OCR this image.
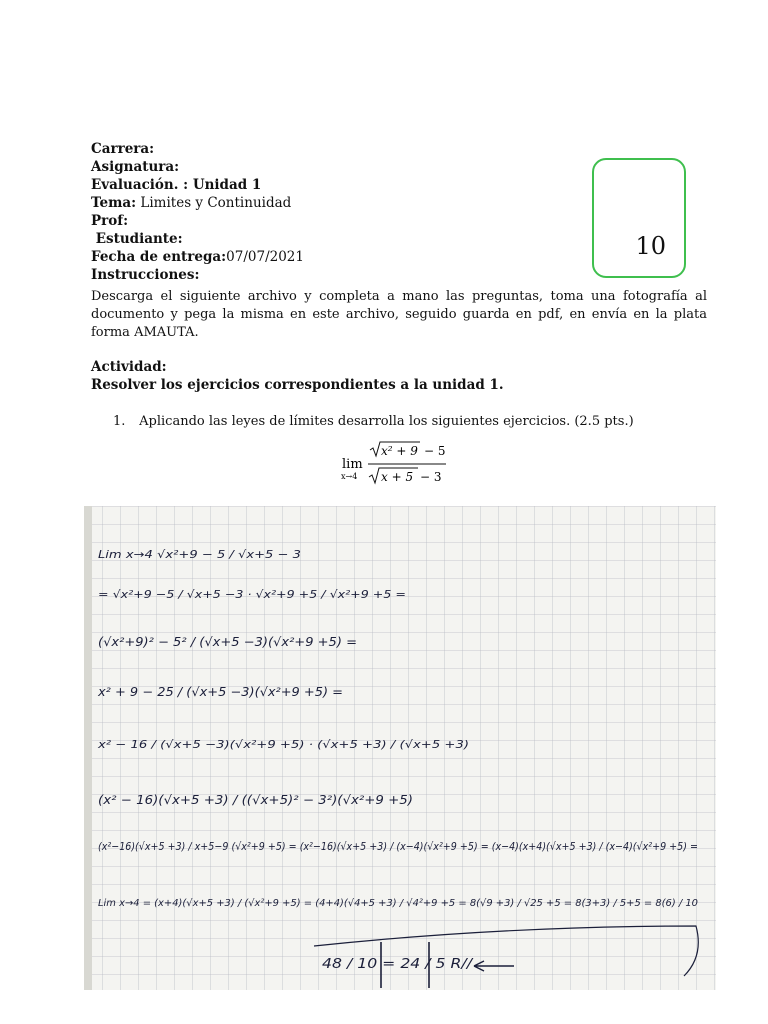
Carrera:
Asignatura:
Evaluación. : Unidad 1
Tema: Limites y Continuidad
Prof:
Estudiante:
Fecha de entrega:07/07/2021
Instrucciones:
Descarga el siguiente archivo y completa a mano las preguntas, toma una fotografía al documento y pega la misma en este archivo, seguido guarda en pdf, en envía en la plata forma AMAUTA.
Actividad:
Resolver los ejercicios correspondientes a la unidad 1.
1. Aplicando las leyes de límites desarrolla los siguientes ejercicios. (2.5 pts.)
lim
x→4
x² + 9 − 5
x + 5 − 3
10
Lim x→4 √x²+9 − 5 / √x+5 − 3
= √x²+9 −5 / √x+5 −3 · √x²+9 +5 / √x²+9 +5 =
(√x²+9)² − 5² / (√x+5 −3)(√x²+9 +5) =
x² + 9 − 25 / (√x+5 −3)(√x²+9 +5) =
x² − 16 / (√x+5 −3)(√x²+9 +5) · (√x+5 +3) / (√x+5 +3)
(x² − 16)(√x+5 +3) / ((√x+5)² − 3²)(√x²+9 +5)
(x²−16)(√x+5 +3) / x+5−9 (√x²+9 +5) = (x²−16)(√x+5 +3) / (x−4)(√x²+9 +5) = (x−4)(x+4)(√x+5 +3) / (x−4)(√x²+9 +5) =
Lim x→4 = (x+4)(√x+5 +3) / (√x²+9 +5) = (4+4)(√4+5 +3) / √4²+9 +5 = 8(√9 +3) / √25 +5 = 8(3+3) / 5+5 = 8(6) / 10
48 / 10 = 24 / 5 R//
